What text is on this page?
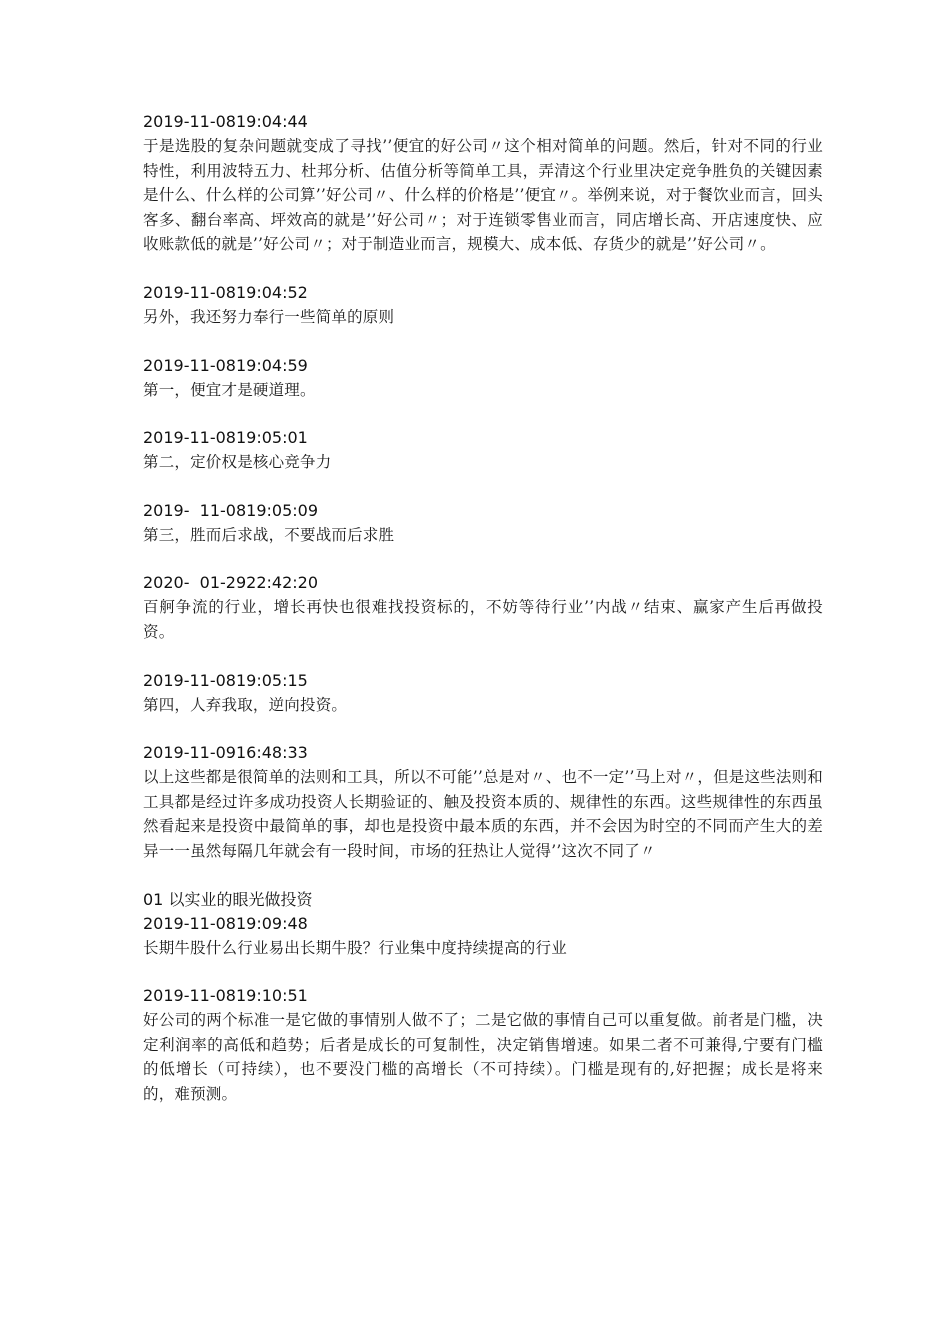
2019-11-0819:04:44
于是选股的复杂问题就变成了寻找’’便宜的好公司〃这个相对简单的问题。然后，针对不同的行业特性，利用波特五力、杜邦分析、估值分析等简单工具，弄清这个行业里决定竞争胜负的关键因素是什么、什么样的公司算’’好公司〃、什么样的价格是’’便宜〃。举例来说，对于餐饮业而言，回头客多、翻台率高、坪效高的就是’’好公司〃；对于连锁零售业而言，同店增长高、开店速度快、应收账款低的就是’’好公司〃；对于制造业而言，规模大、成本低、存货少的就是’’好公司〃。
2019-11-0819:04:52
另外，我还努力奉行一些简单的原则
2019-11-0819:04:59
第一，便宜才是硬道理。
2019-11-0819:05:01
第二，定价权是核心竞争力
2019-  11-0819:05:09
第三，胜而后求战，不要战而后求胜
2020-  01-2922:42:20
百舸争流的行业，增长再快也很难找投资标的，不妨等待行业’’内战〃结束、赢家产生后再做投资。
2019-11-0819:05:15
第四，人弃我取，逆向投资。
2019-11-0916:48:33
以上这些都是很简单的法则和工具，所以不可能’’总是对〃、也不一定’’马上对〃，但是这些法则和工具都是经过许多成功投资人长期验证的、触及投资本质的、规律性的东西。这些规律性的东西虽然看起来是投资中最简单的事，却也是投资中最本质的东西，并不会因为时空的不同而产生大的差异一一虽然每隔几年就会有一段时间，市场的狂热让人觉得’’这次不同了〃
01 以实业的眼光做投资
2019-11-0819:09:48
长期牛股什么行业易出长期牛股？行业集中度持续提高的行业
2019-11-0819:10:51
好公司的两个标准一是它做的事情别人做不了；二是它做的事情自己可以重复做。前者是门槛，决定利润率的高低和趋势；后者是成长的可复制性，决定销售增速。如果二者不可兼得,宁要有门槛的低增长（可持续），也不要没门槛的高增长（不可持续）。门槛是现有的,好把握；成长是将来的，难预测。
